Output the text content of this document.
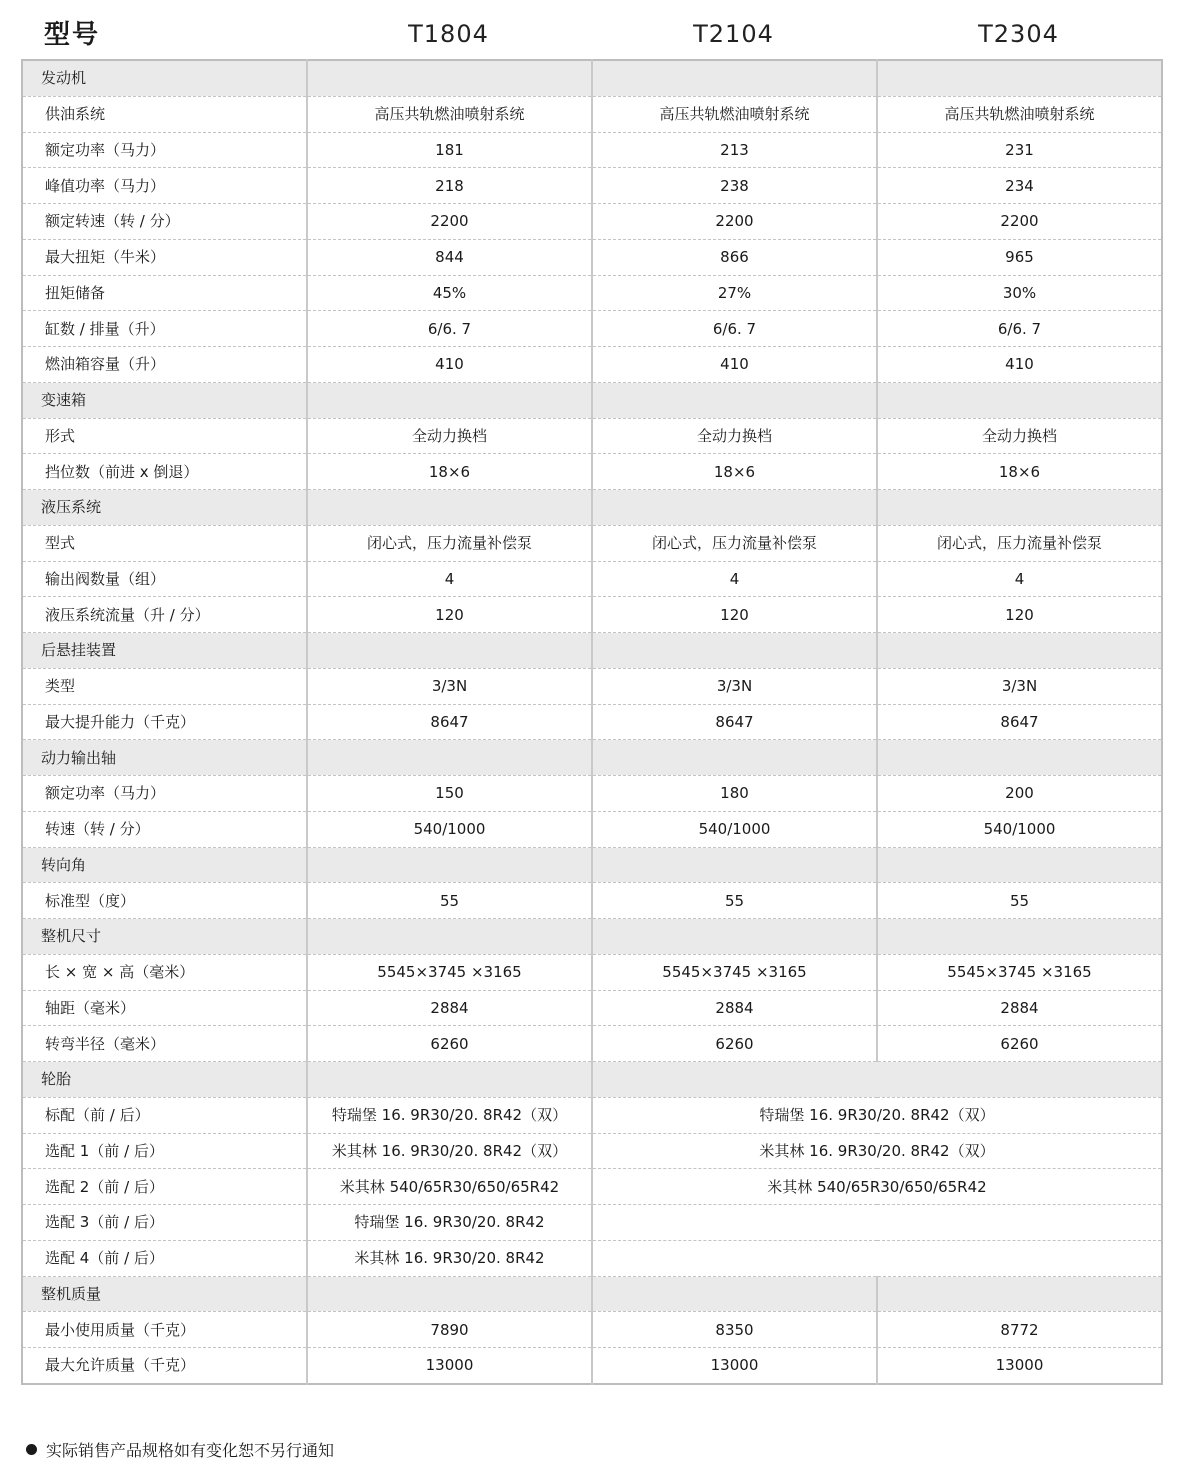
型号	T1804	T2104	T2304
发动机			
供油系统	高压共轨燃油喷射系统	高压共轨燃油喷射系统	高压共轨燃油喷射系统
额定功率（马力）	181	213	231
峰值功率（马力）	218	238	234
额定转速（转 / 分）	2200	2200	2200
最大扭矩（牛米）	844	866	965
扭矩储备	45%	27%	30%
缸数 / 排量（升）	6/6. 7	6/6. 7	6/6. 7
燃油箱容量（升）	410	410	410
变速箱			
形式	全动力换档	全动力换档	全动力换档
挡位数（前进 x 倒退）	18×6	18×6	18×6
液压系统			
型式	闭心式，压力流量补偿泵	闭心式，压力流量补偿泵	闭心式，压力流量补偿泵
输出阀数量（组）	4	4	4
液压系统流量（升 / 分）	120	120	120
后悬挂装置			
类型	3/3N	3/3N	3/3N
最大提升能力（千克）	8647	8647	8647
动力输出轴			
额定功率（马力）	150	180	200
转速（转 / 分）	540/1000	540/1000	540/1000
转向角			
标准型（度）	55	55	55
整机尺寸			
长 × 宽 × 高（毫米）	5545×3745 ×3165	5545×3745 ×3165	5545×3745 ×3165
轴距（毫米）	2884	2884	2884
转弯半径（毫米）	6260	6260	6260
轮胎			
标配（前 / 后）	特瑞堡 16. 9R30/20. 8R42（双）	特瑞堡 16. 9R30/20. 8R42（双）	
选配 1（前 / 后）	米其林 16. 9R30/20. 8R42（双）	米其林 16. 9R30/20. 8R42（双）	
选配 2（前 / 后）	米其林 540/65R30/650/65R42	米其林 540/65R30/650/65R42	
选配 3（前 / 后）	特瑞堡 16. 9R30/20. 8R42		
选配 4（前 / 后）	米其林 16. 9R30/20. 8R42		
整机质量			
最小使用质量（千克）	7890	8350	8772
最大允许质量（千克）	13000	13000	13000
实际销售产品规格如有变化恕不另行通知
